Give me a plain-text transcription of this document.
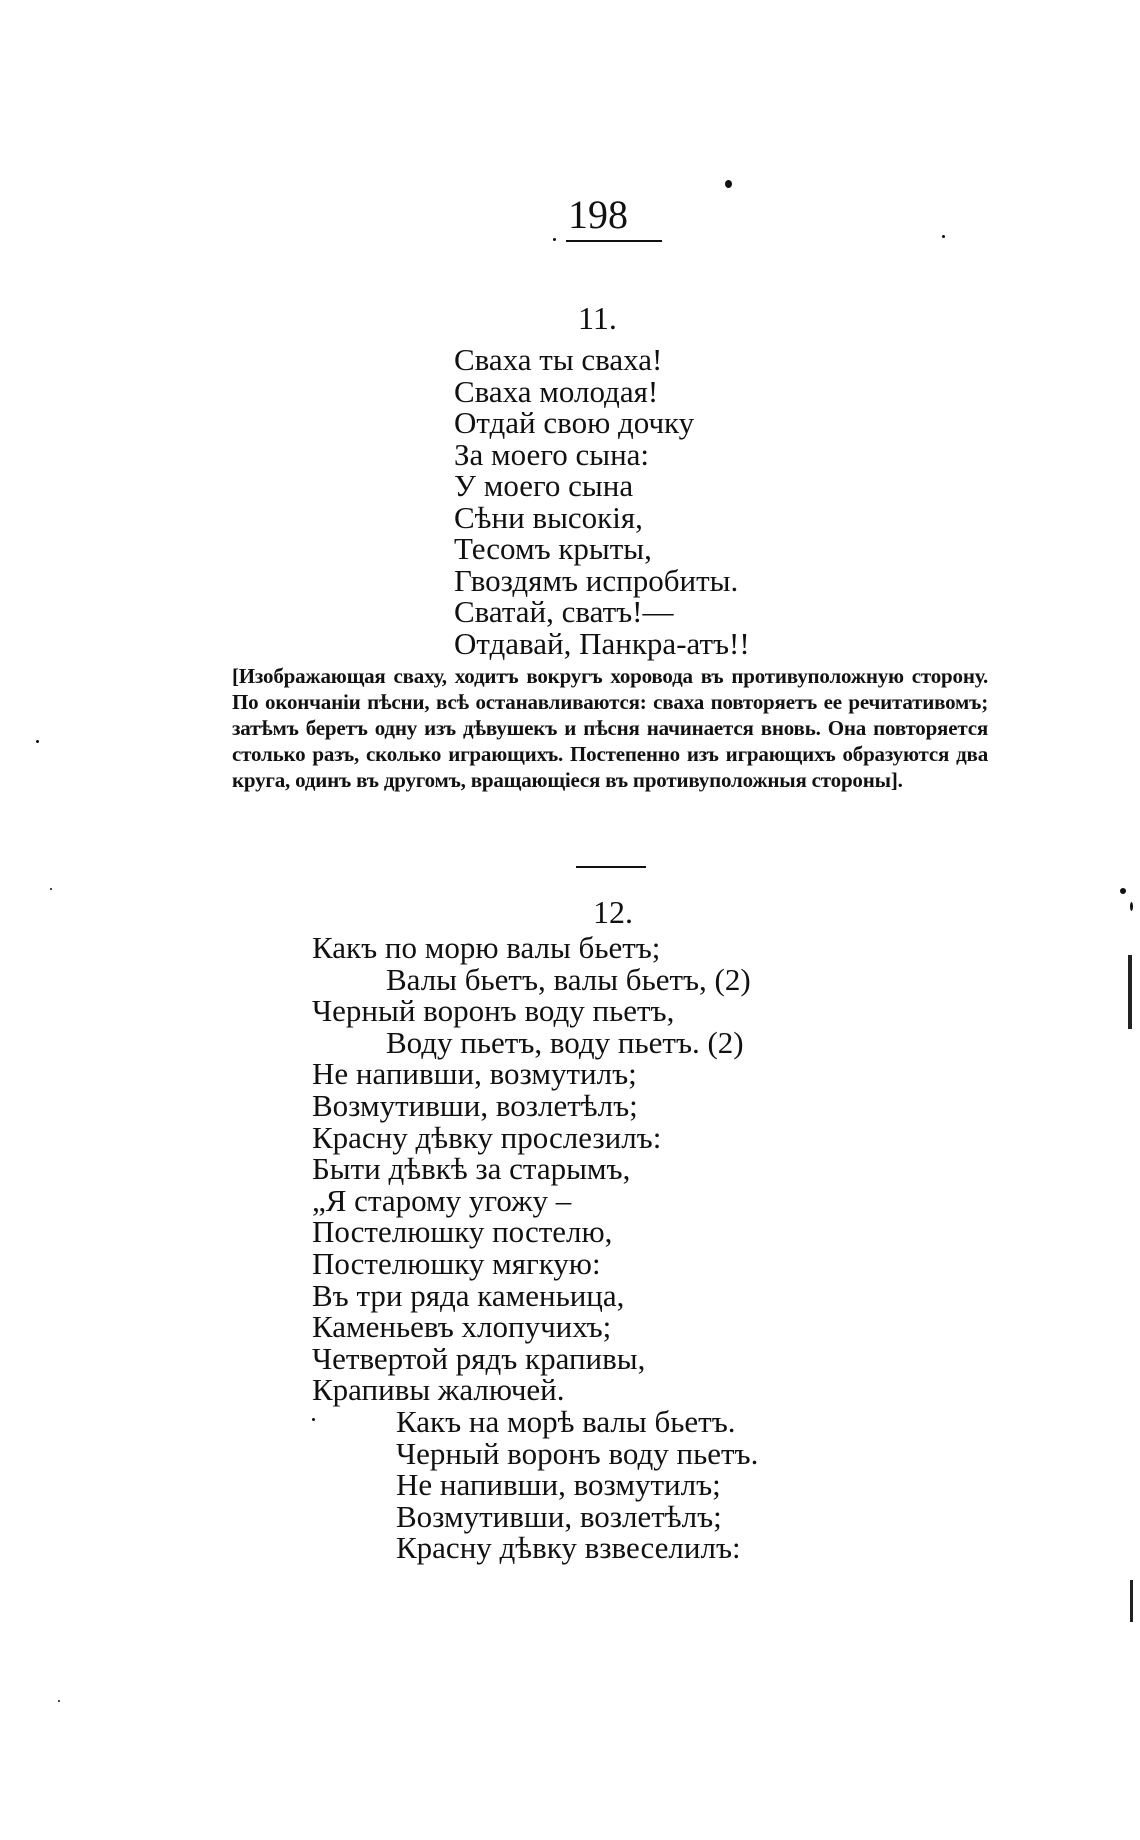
198
11.
Сваха ты сваха!
Сваха молодая!
Отдай свою дочку
За моего сына:
У моего сына
Сѣни высокія,
Тесомъ крыты,
Гвоздямъ испробиты.
Сватай, сватъ!—
Отдавай, Панкра-атъ!!

[Изображающая сваху, ходитъ вокругъ хоровода въ противуположную сторону. По окончаніи пѣсни, всѣ останавливаются: сваха повторяетъ ее речитативомъ; затѣмъ беретъ одну изъ дѣвушекъ и пѣсня начинается вновь. Она повторяется столько разъ, сколько играющихъ. Постепенно изъ играющихъ образуются два круга, одинъ въ другомъ, вращающіеся въ противуположныя стороны].

12.
Какъ по морю валы бьетъ;
Валы бьетъ, валы бьетъ, (2)
Черный воронъ воду пьетъ,
Воду пьетъ, воду пьетъ. (2)
Не напивши, возмутилъ;
Возмутивши, возлетѣлъ;
Красну дѣвку прослезилъ:
Быти дѣвкѣ за старымъ,
„Я старому угожу –
Постелюшку постелю,
Постелюшку мягкую:
Въ три ряда каменьица,
Каменьевъ хлопучихъ;
Четвертой рядъ крапивы,
Крапивы жалючей.
Какъ на морѣ валы бьетъ.
Черный воронъ воду пьетъ.
Не напивши, возмутилъ;
Возмутивши, возлетѣлъ;
Красну дѣвку взвеселилъ:
